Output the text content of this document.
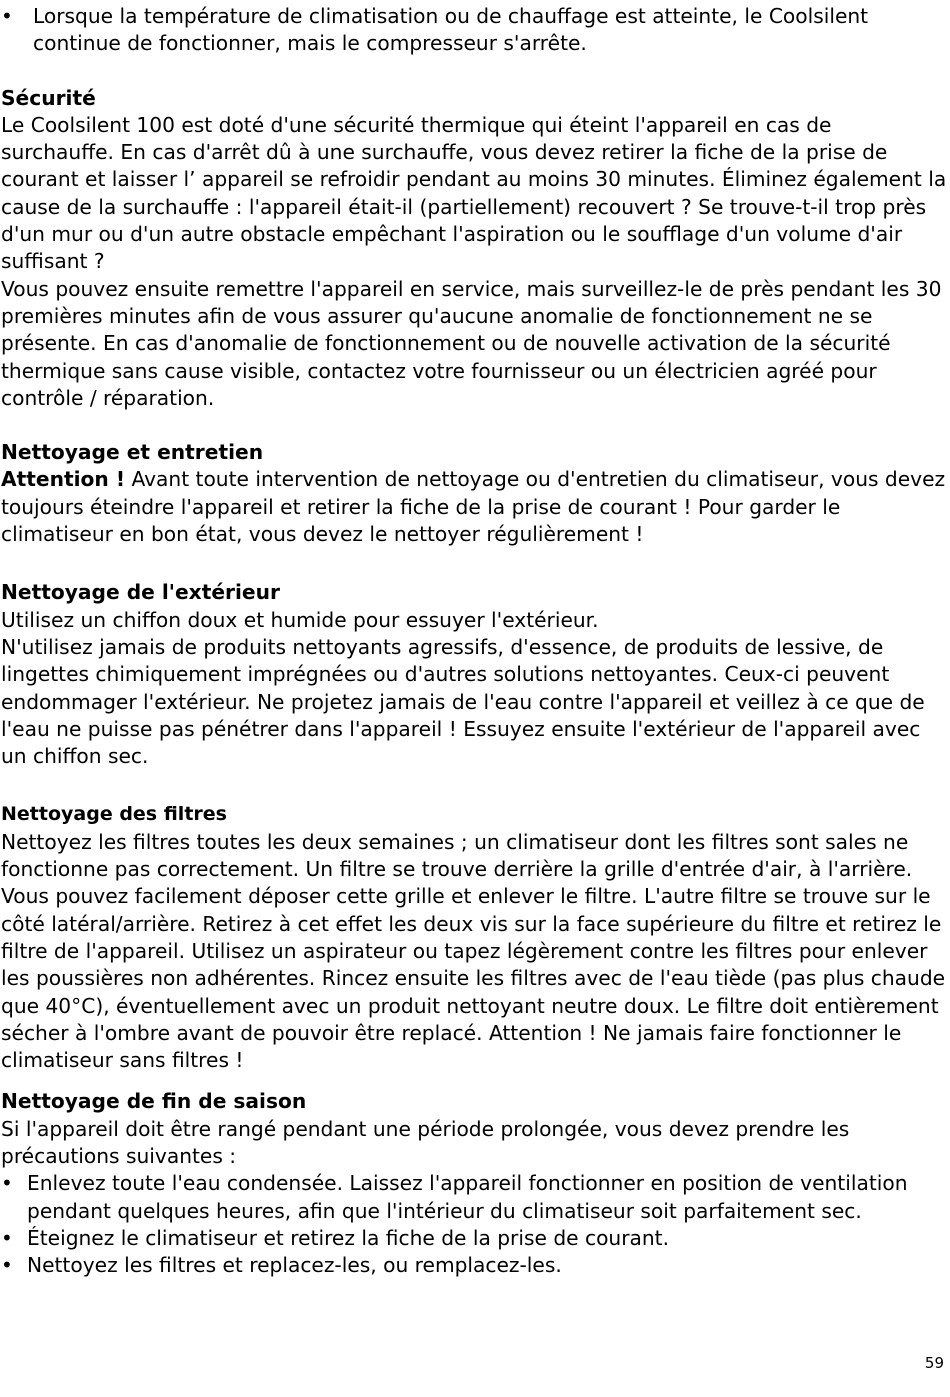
• Lorsque la température de climatisation ou de chauffage est atteinte, le Coolsilent continue de fonctionner, mais le compresseur s'arrête.

Sécurité

Le Coolsilent 100 est doté d'une sécurité thermique qui éteint l'appareil en cas de surchauffe. En cas d'arrêt dû à une surchauffe, vous devez retirer la fiche de la prise de courant et laisser l’ appareil se refroidir pendant au moins 30 minutes. Éliminez également la cause de la surchauffe : l'appareil était-il (partiellement) recouvert ? Se trouve-t-il trop près d'un mur ou d'un autre obstacle empêchant l'aspiration ou le soufflage d'un volume d'air suffisant ?

Vous pouvez ensuite remettre l'appareil en service, mais surveillez-le de près pendant les 30 premières minutes afin de vous assurer qu'aucune anomalie de fonctionnement ne se présente. En cas d'anomalie de fonctionnement ou de nouvelle activation de la sécurité thermique sans cause visible, contactez votre fournisseur ou un électricien agréé pour contrôle / réparation.

Nettoyage et entretien

Attention ! Avant toute intervention de nettoyage ou d'entretien du climatiseur, vous devez toujours éteindre l'appareil et retirer la fiche de la prise de courant ! Pour garder le climatiseur en bon état, vous devez le nettoyer régulièrement !

Nettoyage de l'extérieur

Utilisez un chiffon doux et humide pour essuyer l'extérieur.

N'utilisez jamais de produits nettoyants agressifs, d'essence, de produits de lessive, de lingettes chimiquement imprégnées ou d'autres solutions nettoyantes. Ceux-ci peuvent endommager l'extérieur. Ne projetez jamais de l'eau contre l'appareil et veillez à ce que de l'eau ne puisse pas pénétrer dans l'appareil ! Essuyez ensuite l'extérieur de l'appareil avec un chiffon sec.

Nettoyage des filtres

Nettoyez les filtres toutes les deux semaines ; un climatiseur dont les filtres sont sales ne fonctionne pas correctement. Un filtre se trouve derrière la grille d'entrée d'air, à l'arrière. Vous pouvez facilement déposer cette grille et enlever le filtre. L'autre filtre se trouve sur le côté latéral/arrière. Retirez à cet effet les deux vis sur la face supérieure du filtre et retirez le filtre de l'appareil. Utilisez un aspirateur ou tapez légèrement contre les filtres pour enlever les poussières non adhérentes. Rincez ensuite les filtres avec de l'eau tiède (pas plus chaude que 40°C), éventuellement avec un produit nettoyant neutre doux. Le filtre doit entièrement sécher à l'ombre avant de pouvoir être replacé. Attention ! Ne jamais faire fonctionner le climatiseur sans filtres !

Nettoyage de fin de saison

Si l'appareil doit être rangé pendant une période prolongée, vous devez prendre les précautions suivantes :

• Enlevez toute l'eau condensée. Laissez l'appareil fonctionner en position de ventilation pendant quelques heures, afin que l'intérieur du climatiseur soit parfaitement sec.
• Éteignez le climatiseur et retirez la fiche de la prise de courant.
• Nettoyez les filtres et replacez-les, ou remplacez-les.
59
